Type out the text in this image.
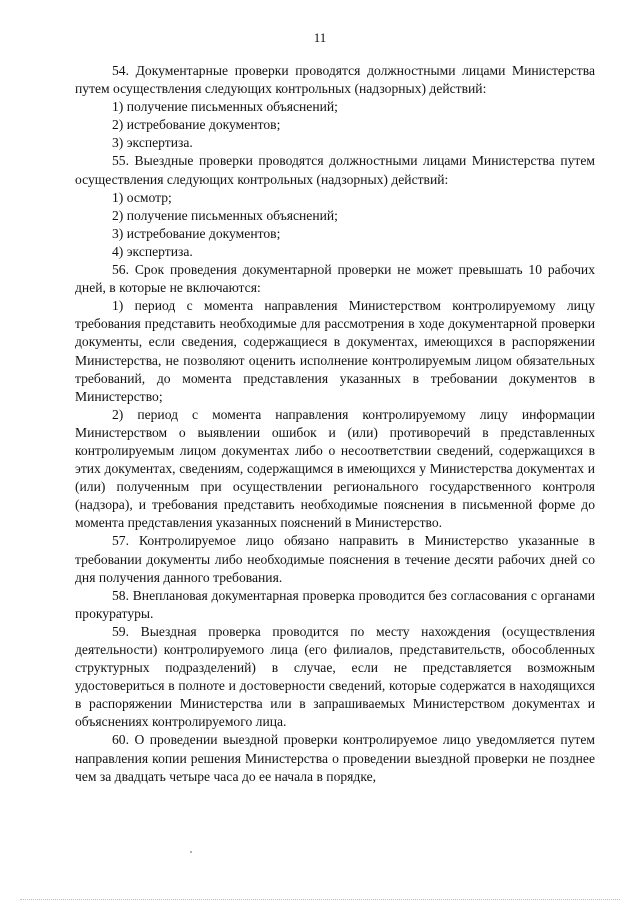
11

54. Документарные проверки проводятся должностными лицами Министерства путем осуществления следующих контрольных (надзорных) действий:

1) получение письменных объяснений;

2) истребование документов;

3) экспертиза.

55. Выездные проверки проводятся должностными лицами Министерства путем осуществления следующих контрольных (надзорных) действий:

1) осмотр;

2) получение письменных объяснений;

3) истребование документов;

4) экспертиза.

56. Срок проведения документарной проверки не может превышать 10 рабочих дней, в которые не включаются:

1) период с момента направления Министерством контролируемому лицу требования представить необходимые для рассмотрения в ходе документарной проверки документы, если сведения, содержащиеся в документах, имеющихся в распоряжении Министерства, не позволяют оценить исполнение контролируемым лицом обязательных требований, до момента представления указанных в требовании документов в Министерство;

2) период с момента направления контролируемому лицу информации Министерством о выявлении ошибок и (или) противоречий в представленных контролируемым лицом документах либо о несоответствии сведений, содержащихся в этих документах, сведениям, содержащимся в имеющихся у Министерства документах и (или) полученным при осуществлении регионального государственного контроля (надзора), и требования представить необходимые пояснения в письменной форме до момента представления указанных пояснений в Министерство.

57. Контролируемое лицо обязано направить в Министерство указанные в требовании документы либо необходимые пояснения в течение десяти рабочих дней со дня получения данного требования.

58. Внеплановая документарная проверка проводится без согласования с органами прокуратуры.

59. Выездная проверка проводится по месту нахождения (осуществления деятельности) контролируемого лица (его филиалов, представительств, обособленных структурных подразделений) в случае, если не представляется возможным удостовериться в полноте и достоверности сведений, которые содержатся в находящихся в распоряжении Министерства или в запрашиваемых Министерством документах и объяснениях контролируемого лица.

60. О проведении выездной проверки контролируемое лицо уведомляется путем направления копии решения Министерства о проведении выездной проверки не позднее чем за двадцать четыре часа до ее начала в порядке,
